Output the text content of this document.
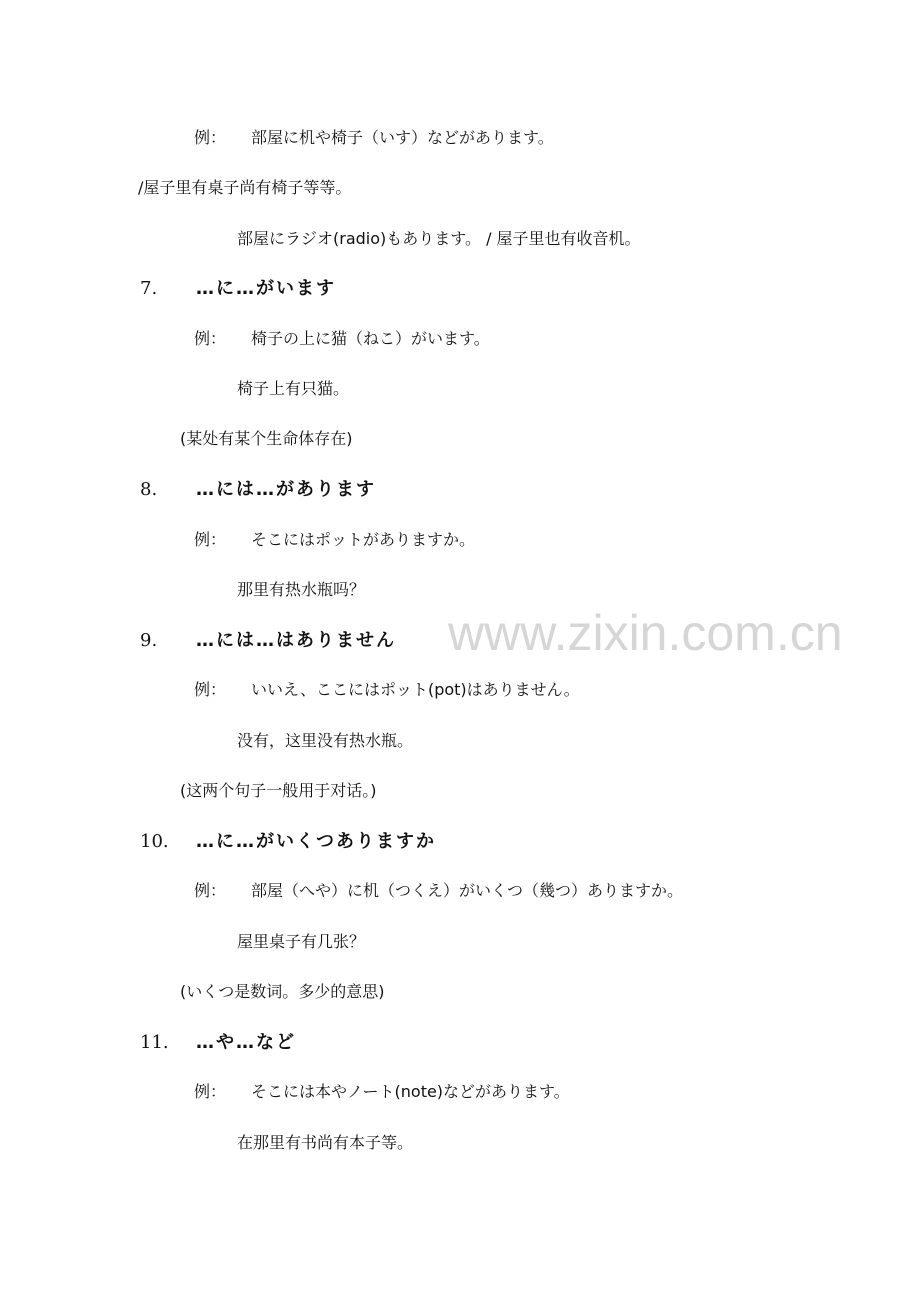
www.zixin.com.cn
例： 部屋に机や椅子（いす）などがあります。
/屋子里有桌子尚有椅子等等。
部屋にラジオ(radio)もあります。 / 屋子里也有收音机。
7. …に…がいます
例： 椅子の上に猫（ねこ）がいます。
椅子上有只猫。
(某处有某个生命体存在)
8. …には…があります
例： そこにはポットがありますか。
那里有热水瓶吗？
9. …には…はありません
例： いいえ、ここにはポット(pot)はありません。
没有，这里没有热水瓶。
(这两个句子一般用于对话。)
10. …に…がいくつありますか
例： 部屋（へや）に机（つくえ）がいくつ（幾つ）ありますか。
屋里桌子有几张？
(いくつ是数词。多少的意思)
11. …や…など
例： そこには本やノート(note)などがあります。
在那里有书尚有本子等。
